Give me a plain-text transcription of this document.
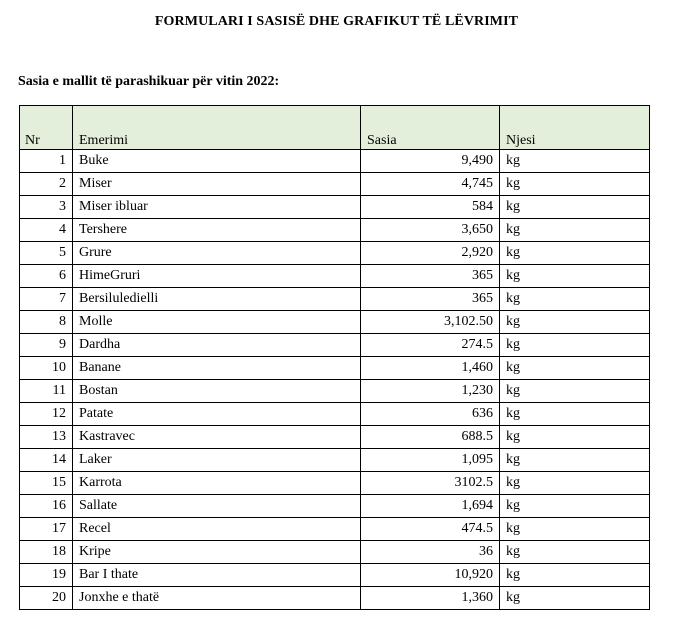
FORMULARI I SASISË DHE GRAFIKUT TË LËVRIMIT
Sasia e mallit të parashikuar për vitin 2022:
Nr	Emerimi	Sasia	Njesi
1	Buke	9,490	kg
2	Miser	4,745	kg
3	Miser ibluar	584	kg
4	Tershere	3,650	kg
5	Grure	2,920	kg
6	HimeGruri	365	kg
7	Bersiluledielli	365	kg
8	Molle	3,102.50	kg
9	Dardha	274.5	kg
10	Banane	1,460	kg
11	Bostan	1,230	kg
12	Patate	636	kg
13	Kastravec	688.5	kg
14	Laker	1,095	kg
15	Karrota	3102.5	kg
16	Sallate	1,694	kg
17	Recel	474.5	kg
18	Kripe	36	kg
19	Bar I thate	10,920	kg
20	Jonxhe e thatë	1,360	kg
